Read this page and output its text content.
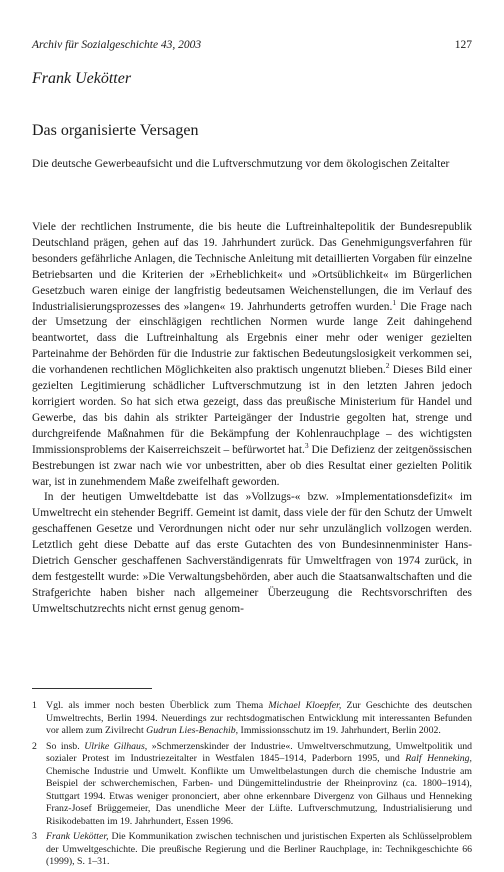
Archiv für Sozialgeschichte 43, 2003	127
Frank Uekötter
Das organisierte Versagen
Die deutsche Gewerbeaufsicht und die Luftverschmutzung vor dem ökologischen Zeitalter

Viele der rechtlichen Instrumente, die bis heute die Luftreinhaltepolitik der Bundesrepublik Deutschland prägen, gehen auf das 19. Jahrhundert zurück. Das Genehmigungsverfahren für besonders gefährliche Anlagen, die Technische Anleitung mit detaillierten Vorgaben für einzelne Betriebsarten und die Kriterien der »Erheblichkeit« und »Ortsüblichkeit« im Bürgerlichen Gesetzbuch waren einige der langfristig bedeutsamen Weichenstellungen, die im Verlauf des Industrialisierungsprozesses des »langen« 19. Jahrhunderts getroffen wurden.$^1$ Die Frage nach der Umsetzung der einschlägigen rechtlichen Normen wurde lange Zeit dahingehend beantwortet, dass die Luftreinhaltung als Ergebnis einer mehr oder weniger gezielten Parteinahme der Behörden für die Industrie zur faktischen Bedeutungslosigkeit verkommen sei, die vorhandenen rechtlichen Möglichkeiten also praktisch ungenutzt blieben.$^2$ Dieses Bild einer gezielten Legitimierung schädlicher Luftverschmutzung ist in den letzten Jahren jedoch korrigiert worden. So hat sich etwa gezeigt, dass das preußische Ministerium für Handel und Gewerbe, das bis dahin als strikter Parteigänger der Industrie gegolten hat, strenge und durchgreifende Maßnahmen für die Bekämpfung der Kohlenrauchplage – des wichtigsten Immissionsproblems der Kaiserreichszeit – befürwortet hat.$^3$ Die Defizienz der zeitgenössischen Bestrebungen ist zwar nach wie vor unbestritten, aber ob dies Resultat einer gezielten Politik war, ist in zunehmendem Maße zweifelhaft geworden.

In der heutigen Umweltdebatte ist das »Vollzugs-« bzw. »Implementationsdefizit« im Umweltrecht ein stehender Begriff. Gemeint ist damit, dass viele der für den Schutz der Umwelt geschaffenen Gesetze und Verordnungen nicht oder nur sehr unzulänglich vollzogen werden. Letztlich geht diese Debatte auf das erste Gutachten des von Bundesinnenminister Hans-Dietrich Genscher geschaffenen Sachverständigenrats für Umweltfragen von 1974 zurück, in dem festgestellt wurde: »Die Verwaltungsbehörden, aber auch die Staatsanwaltschaften und die Strafgerichte haben bisher nach allgemeiner Überzeugung die Rechtsvorschriften des Umweltschutzrechts nicht ernst genug genom-

1 Vgl. als immer noch besten Überblick zum Thema Michael Kloepfer, Zur Geschichte des deutschen Umweltrechts, Berlin 1994. Neuerdings zur rechtsdogmatischen Entwicklung mit interessanten Befunden vor allem zum Zivilrecht Gudrun Lies-Benachib, Immissionsschutz im 19. Jahrhundert, Berlin 2002.
2 So insb. Ulrike Gilhaus, »Schmerzenskinder der Industrie«. Umweltverschmutzung, Umweltpolitik und sozialer Protest im Industriezeitalter in Westfalen 1845–1914, Paderborn 1995, und Ralf Henneking, Chemische Industrie und Umwelt. Konflikte um Umweltbelastungen durch die chemische Industrie am Beispiel der schwerchemischen, Farben- und Düngemittelindustrie der Rheinprovinz (ca. 1800–1914), Stuttgart 1994. Etwas weniger prononciert, aber ohne erkennbare Divergenz von Gilhaus und Henneking Franz-Josef Brüggemeier, Das unendliche Meer der Lüfte. Luftverschmutzung, Industrialisierung und Risikodebatten im 19. Jahrhundert, Essen 1996.
3 Frank Uekötter, Die Kommunikation zwischen technischen und juristischen Experten als Schlüsselproblem der Umweltgeschichte. Die preußische Regierung und die Berliner Rauchplage, in: Technikgeschichte 66 (1999), S. 1–31.
